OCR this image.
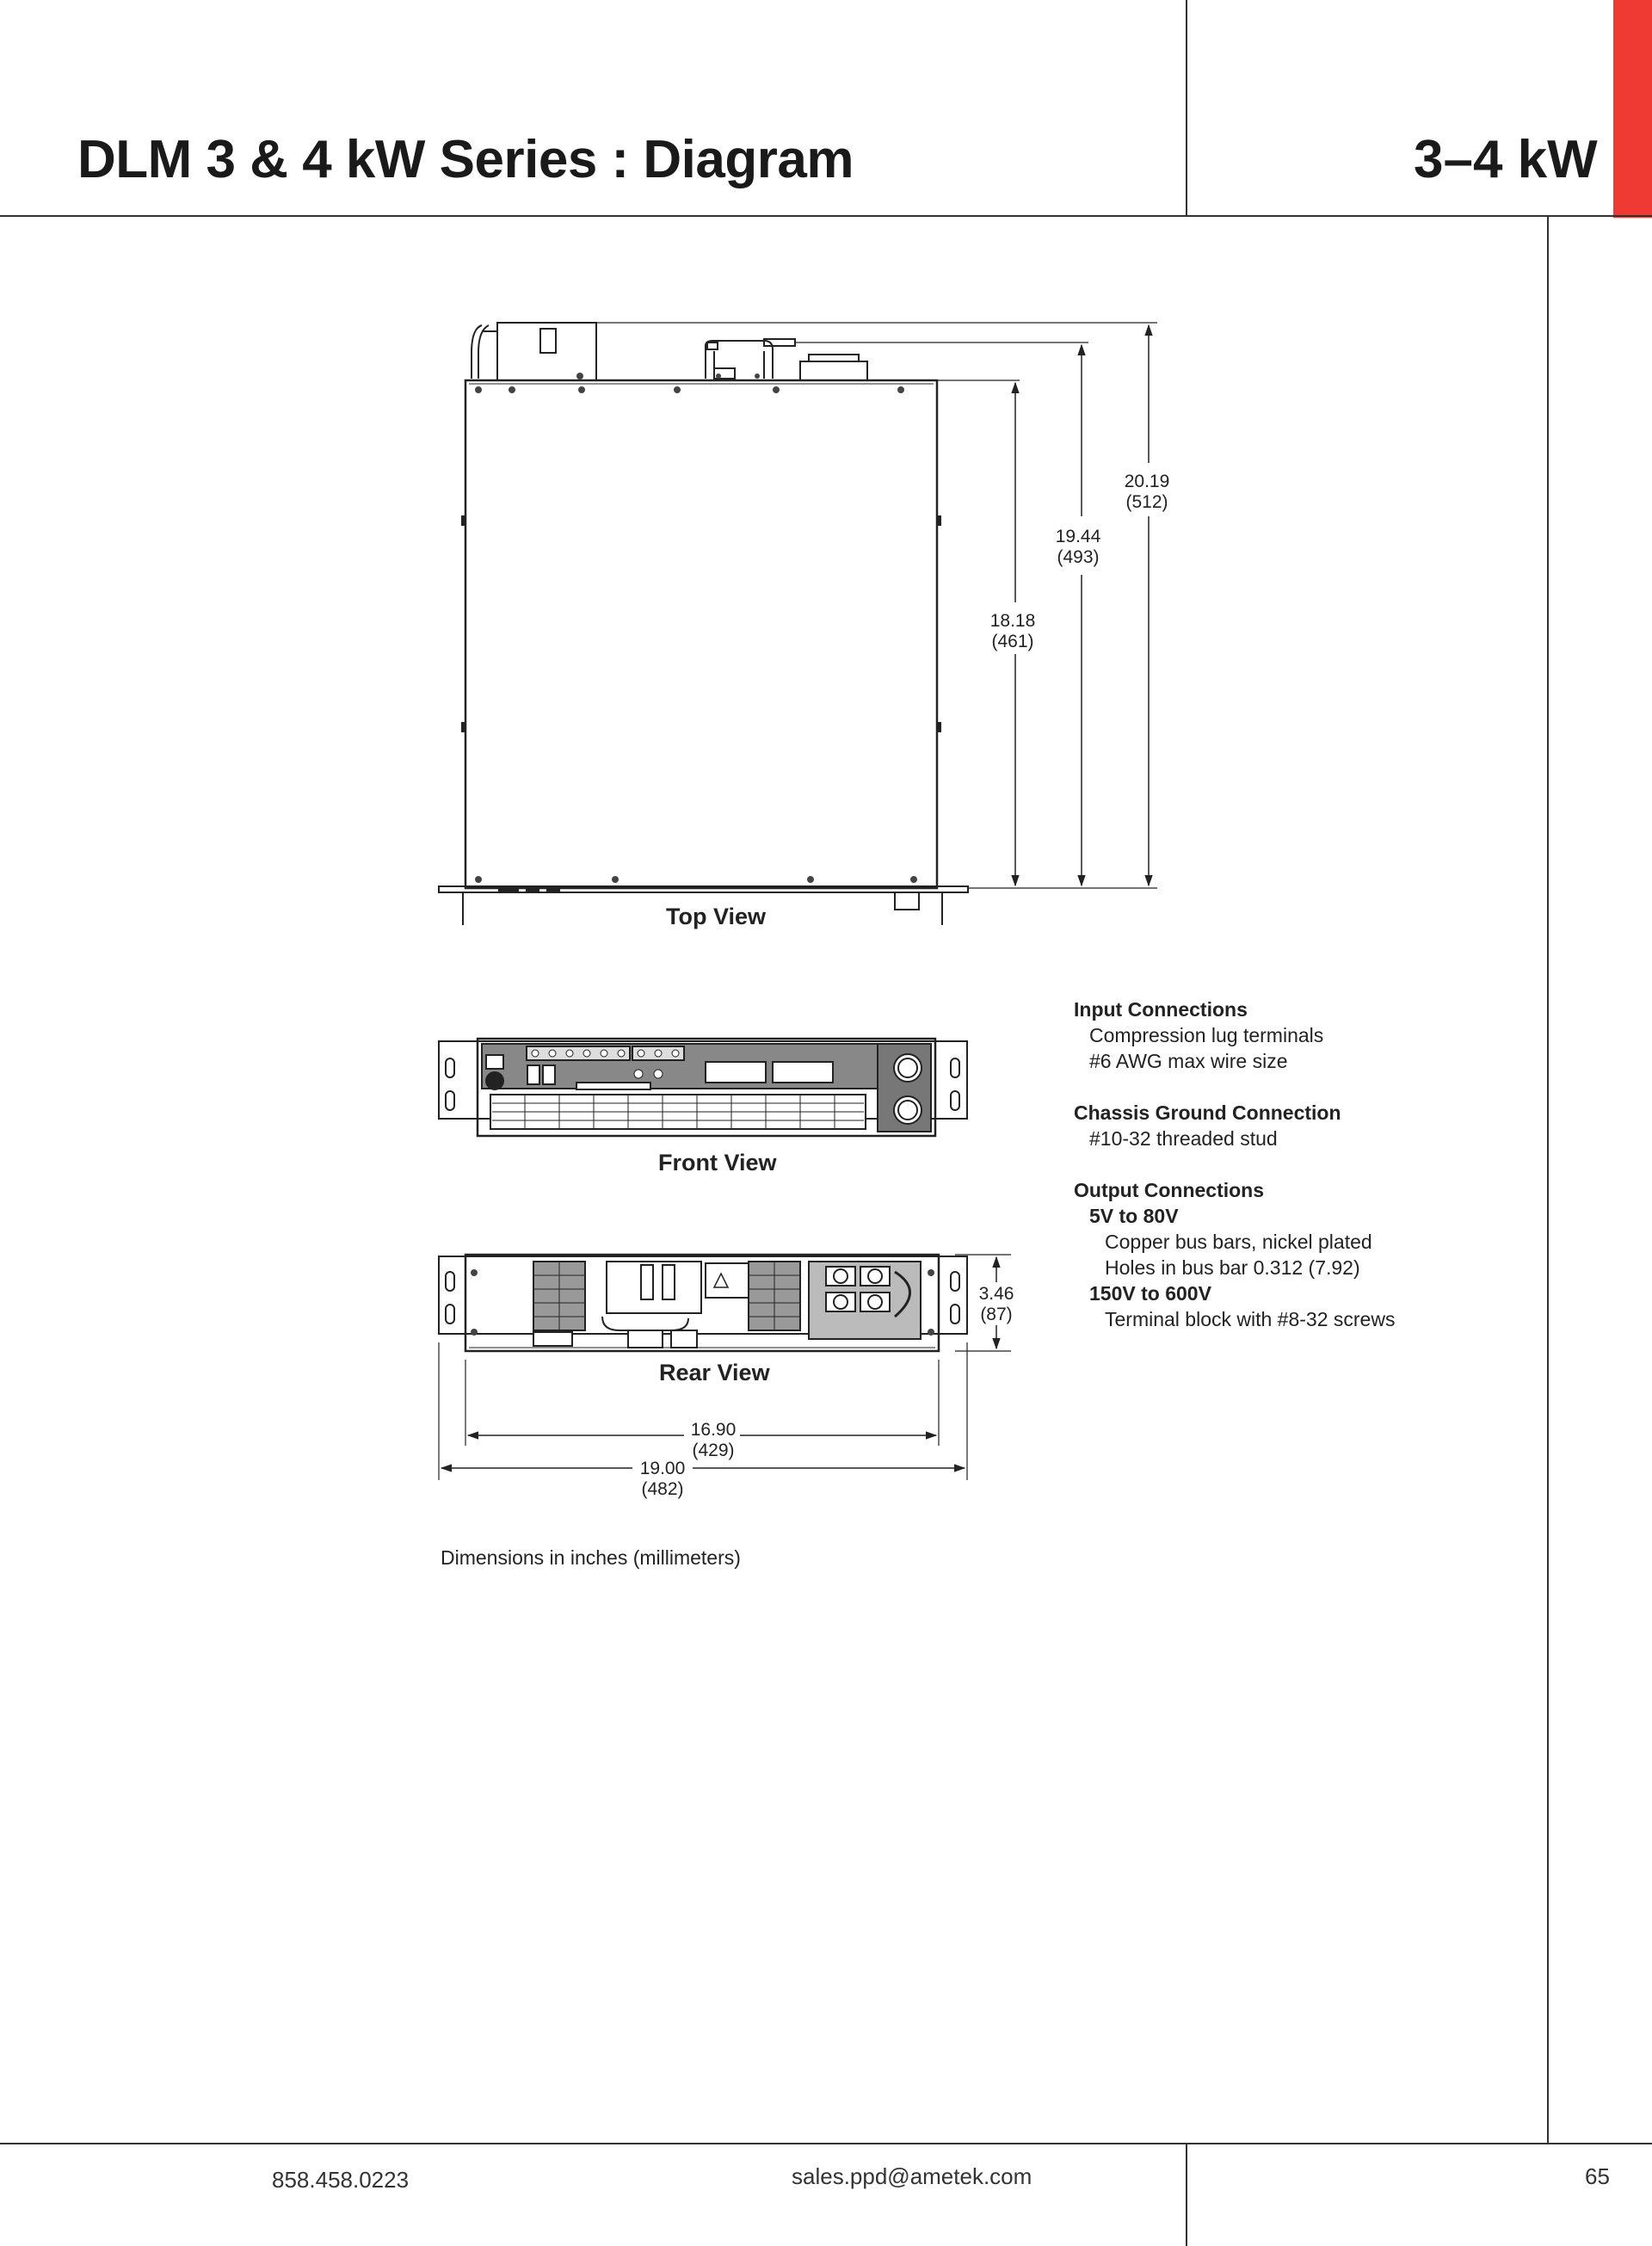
DLM 3 & 4 kW Series : Diagram	3–4 kW
18.18
(461)
19.44
(493)
20.19
(512)
3.46
(87)
16.90
(429)
19.00
(482)
Top View
Front View
Rear View
Dimensions in inches (millimeters)
Input Connections
Compression lug terminals
#6 AWG max wire size
Chassis Ground Connection
#10-32 threaded stud
Output Connections
5V to 80V
Copper bus bars, nickel plated
Holes in bus bar 0.312 (7.92)
150V to 600V
Terminal block with #8-32 screws
858.458.0223	sales.ppd@ametek.com	65
